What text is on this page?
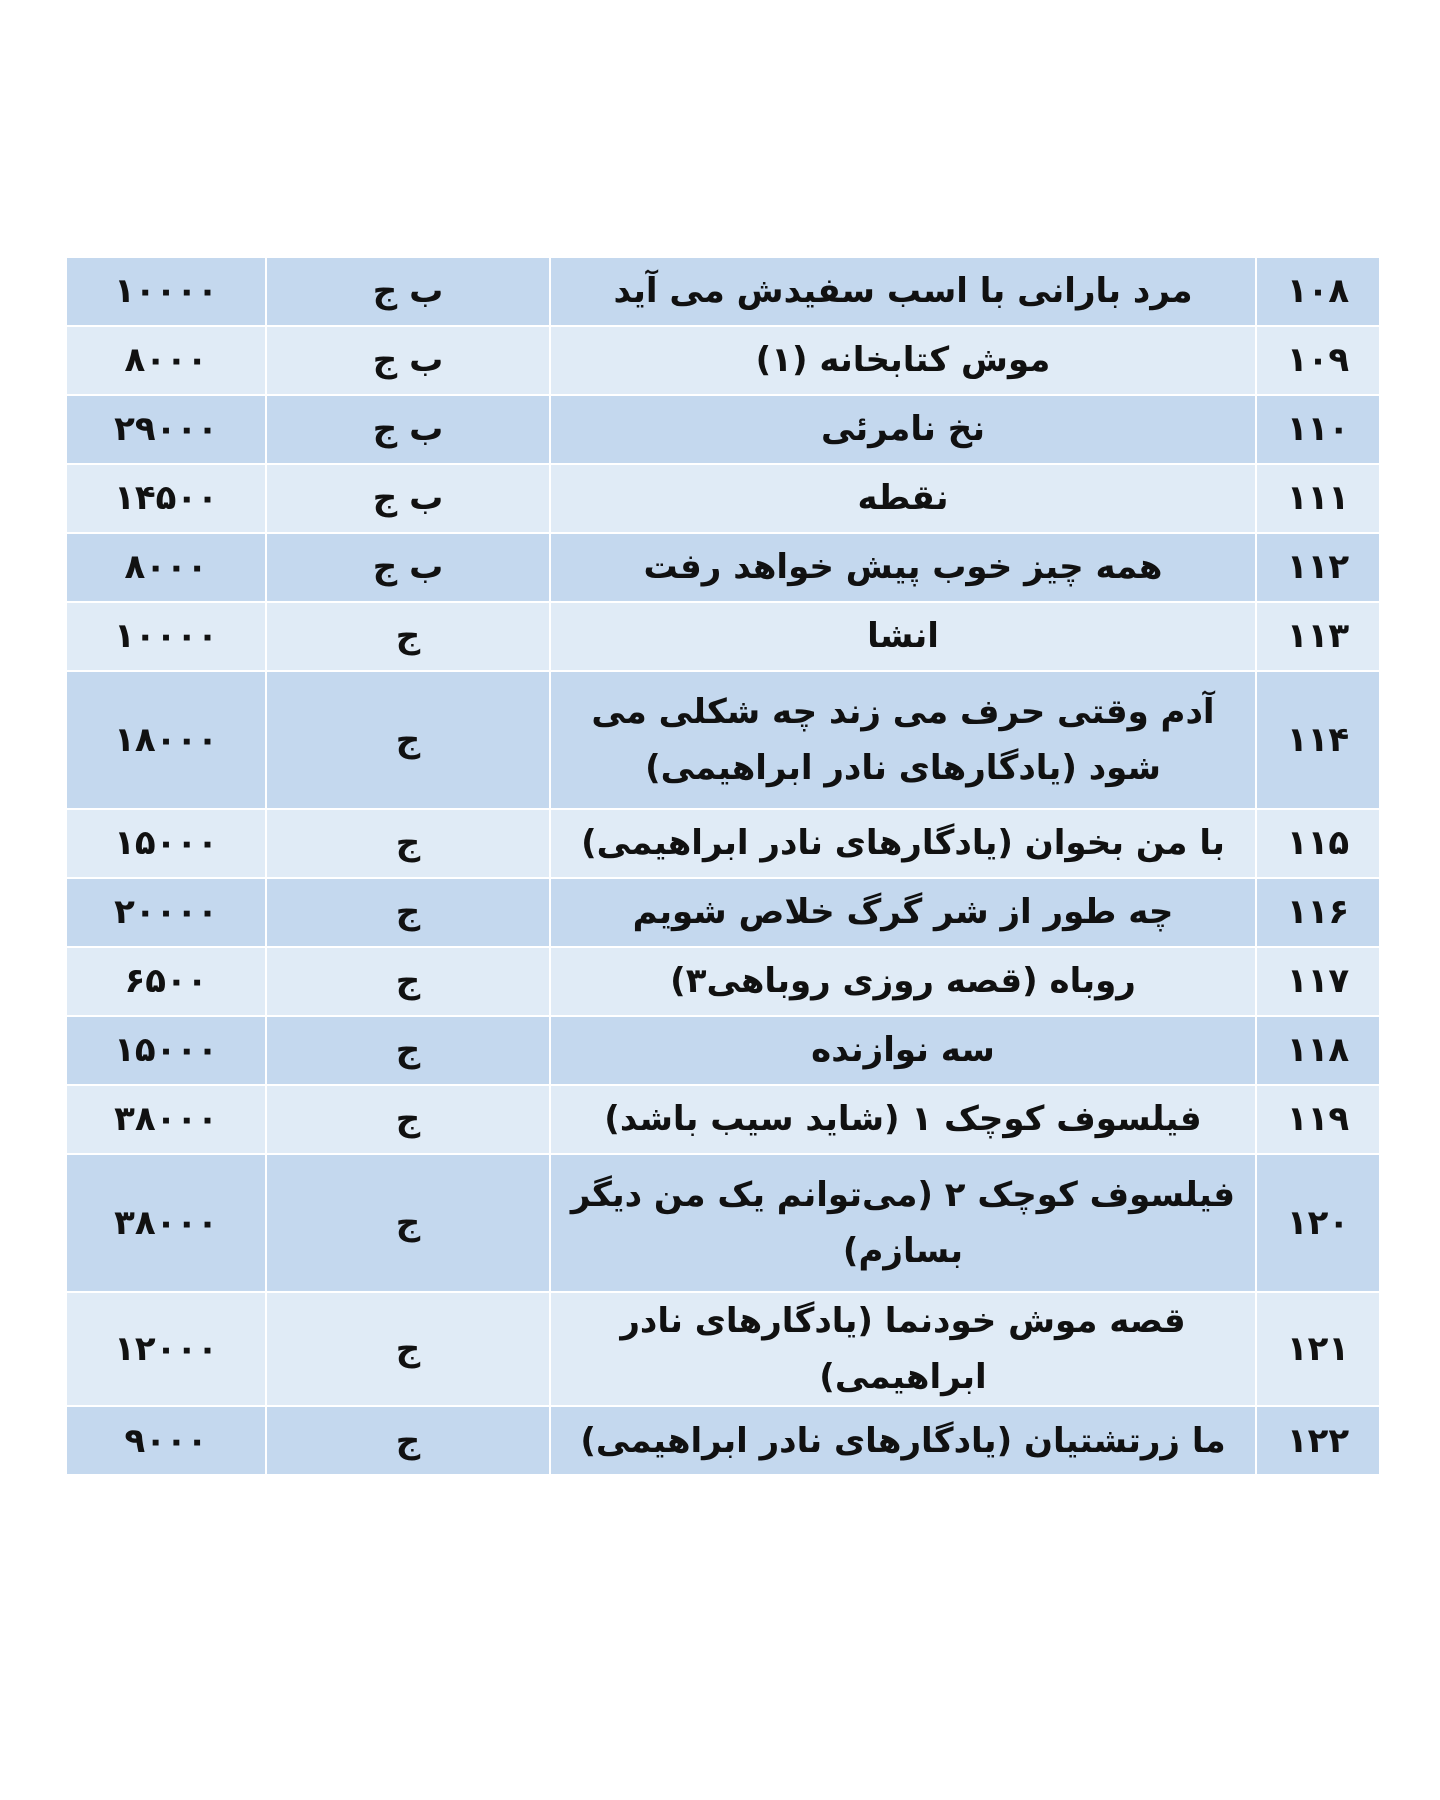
۱۰۸	مرد بارانی با اسب سفیدش می آید	ب ج	۱۰۰۰۰
۱۰۹	موش کتابخانه (۱)	ب ج	۸۰۰۰
۱۱۰	نخ نامرئی	ب ج	۲۹۰۰۰
۱۱۱	نقطه	ب ج	۱۴۵۰۰
۱۱۲	همه چیز خوب پیش خواهد رفت	ب ج	۸۰۰۰
۱۱۳	انشا	ج	۱۰۰۰۰
۱۱۴	آدم وقتی حرف می زند چه شکلی می شود (یادگارهای نادر ابراهیمی)	ج	۱۸۰۰۰
۱۱۵	با من بخوان (یادگارهای نادر ابراهیمی)	ج	۱۵۰۰۰
۱۱۶	چه طور از شر گرگ خلاص شویم	ج	۲۰۰۰۰
۱۱۷	روباه (قصه روزی روباهی۳)	ج	۶۵۰۰
۱۱۸	سه نوازنده	ج	۱۵۰۰۰
۱۱۹	فیلسوف کوچک ۱ (شاید سیب باشد)	ج	۳۸۰۰۰
۱۲۰	فیلسوف کوچک ۲ (می‌توانم یک من دیگر بسازم)	ج	۳۸۰۰۰
۱۲۱	قصه موش خودنما (یادگارهای نادر ابراهیمی)	ج	۱۲۰۰۰
۱۲۲	ما زرتشتیان (یادگارهای نادر ابراهیمی)	ج	۹۰۰۰
